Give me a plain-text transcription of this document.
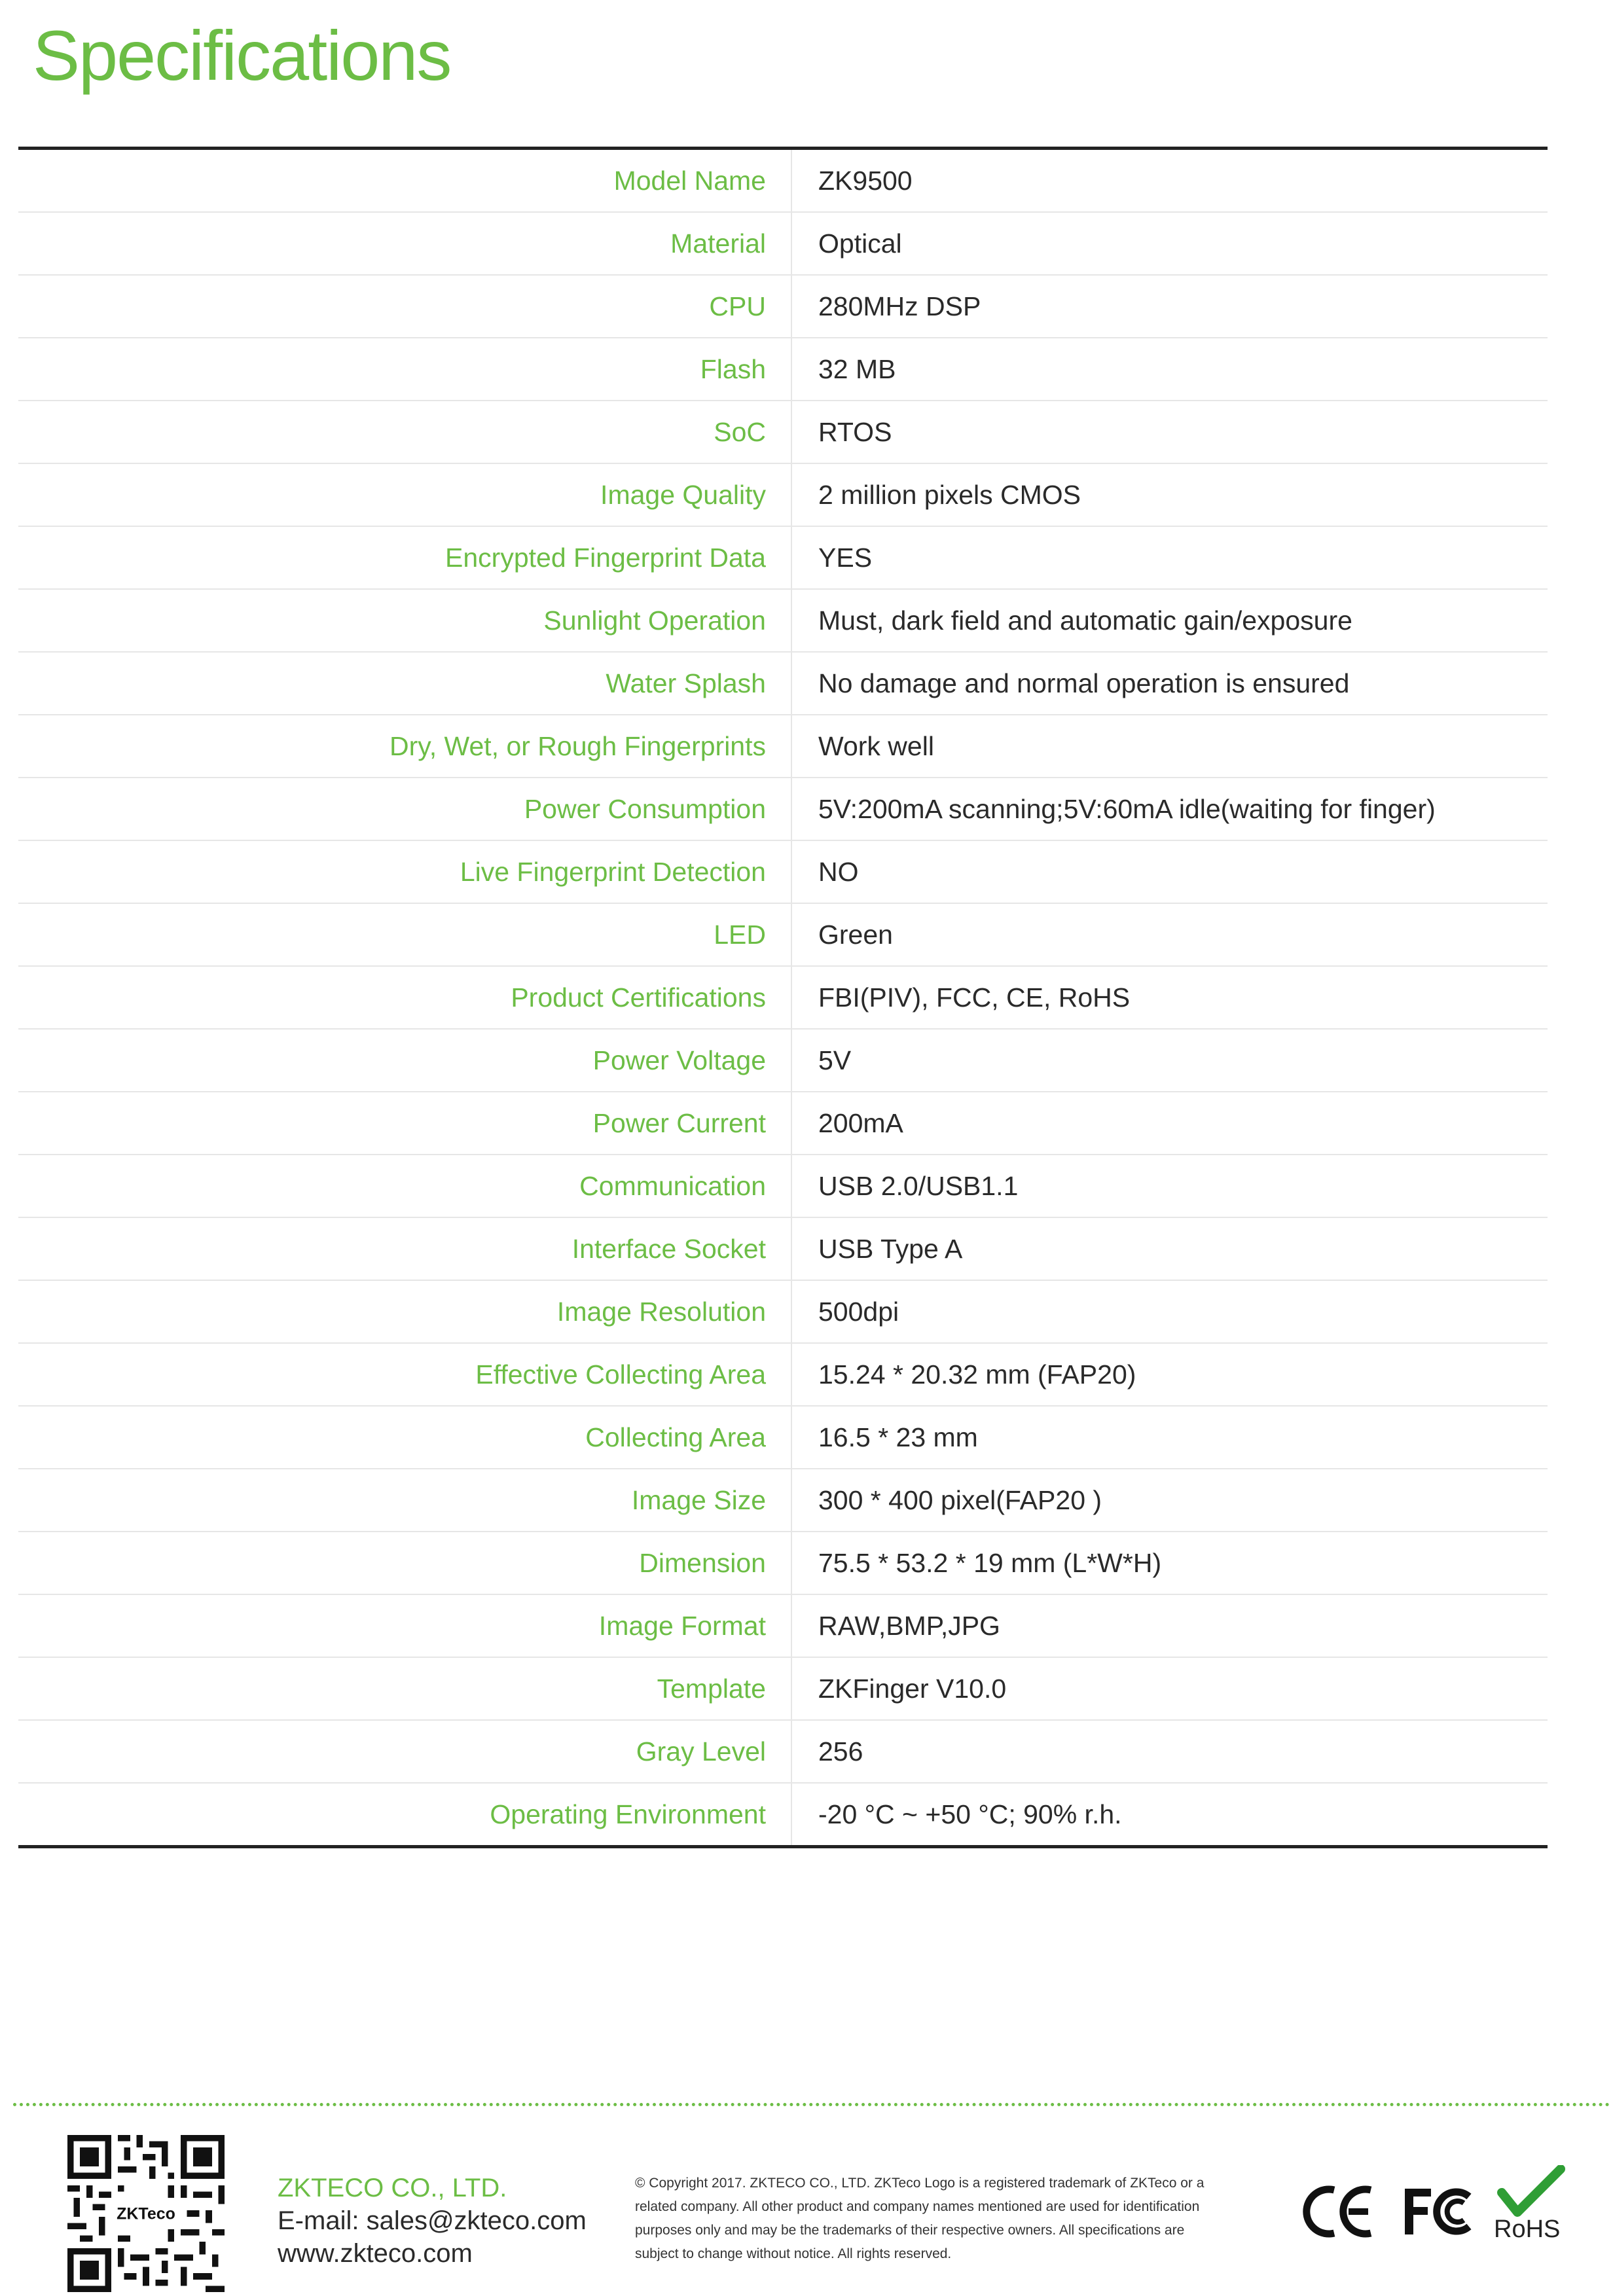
Specifications
Model Name	ZK9500
Material	Optical
CPU	280MHz DSP
Flash	32 MB
SoC	RTOS
Image Quality	2 million pixels CMOS
Encrypted Fingerprint Data	YES
Sunlight Operation	Must, dark field and automatic gain/exposure
Water Splash	No damage and normal operation is ensured
Dry, Wet, or Rough Fingerprints	Work well
Power Consumption	5V:200mA scanning;5V:60mA idle(waiting for finger)
Live Fingerprint Detection	NO
LED	Green
Product Certifications	FBI(PIV), FCC, CE, RoHS
Power Voltage	5V
Power Current	200mA
Communication	USB 2.0/USB1.1
Interface Socket	USB Type A
Image Resolution	500dpi
Effective Collecting Area	15.24 * 20.32 mm (FAP20)
Collecting Area	16.5 * 23 mm
Image Size	300 * 400 pixel(FAP20 )
Dimension	75.5 * 53.2 * 19 mm (L*W*H)
Image Format	RAW,BMP,JPG
Template	ZKFinger V10.0
Gray Level	256
Operating Environment	-20 °C ~ +50 °C; 90% r.h.
ZKTeco
ZKTECO CO., LTD.
E-mail: sales@zkteco.com
www.zkteco.com
© Copyright 2017. ZKTECO CO., LTD. ZKTeco Logo is a registered trademark of ZKTeco or a
related company. All other product and company names mentioned are used for identification
purposes only and may be the trademarks of their respective owners. All specifications are
subject to change without notice. All rights reserved.
RoHS
